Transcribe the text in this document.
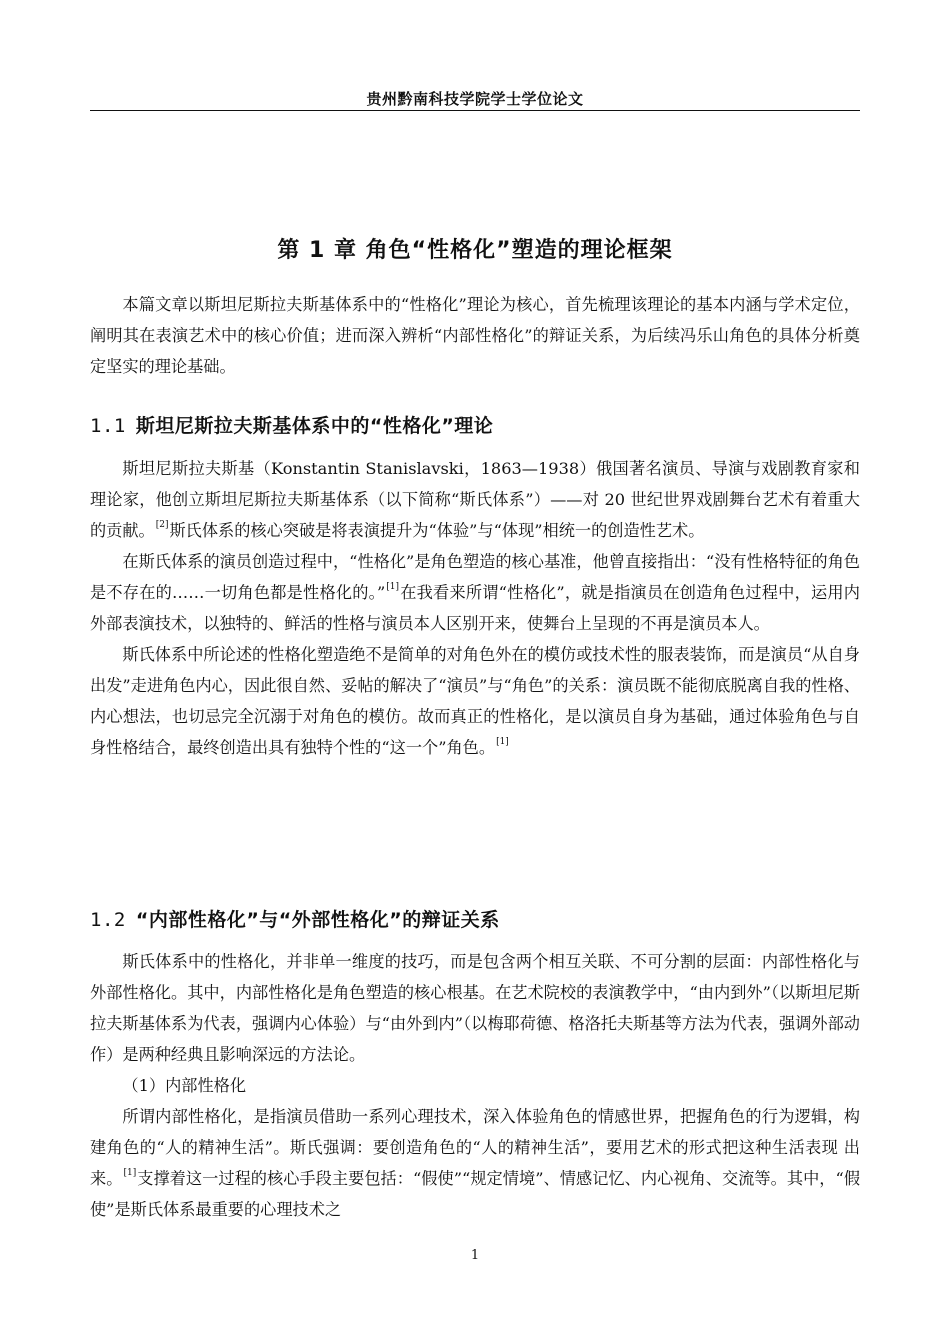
贵州黔南科技学院学士学位论文
第 1 章 角色“性格化”塑造的理论框架

本篇文章以斯坦尼斯拉夫斯基体系中的“性格化”理论为核心，首先梳理该理论的基本内涵与学术定位，阐明其在表演艺术中的核心价值；进而深入辨析“内部性格化”的辩证关系，为后续冯乐山角色的具体分析奠定坚实的理论基础。

1.1 斯坦尼斯拉夫斯基体系中的“性格化”理论

斯坦尼斯拉夫斯基（Konstantin Stanislavski，1863—1938）俄国著名演员、导演与戏剧教育家和理论家，他创立斯坦尼斯拉夫斯基体系（以下简称“斯氏体系”）——对 20 世纪世界戏剧舞台艺术有着重大的贡献。[2]斯氏体系的核心突破是将表演提升为“体验”与“体现”相统一的创造性艺术。

在斯氏体系的演员创造过程中，“性格化”是角色塑造的核心基准，他曾直接指出：“没有性格特征的角色是不存在的……一切角色都是性格化的。”[1]在我看来所谓“性格化”，就是指演员在创造角色过程中，运用内外部表演技术，以独特的、鲜活的性格与演员本人区别开来，使舞台上呈现的不再是演员本人。

斯氏体系中所论述的性格化塑造绝不是简单的对角色外在的模仿或技术性的服表装饰，而是演员“从自身出发”走进角色内心，因此很自然、妥帖的解决了“演员”与“角色”的关系：演员既不能彻底脱离自我的性格、内心想法，也切忌完全沉溺于对角色的模仿。故而真正的性格化，是以演员自身为基础，通过体验角色与自身性格结合，最终创造出具有独特个性的“这一个”角色。[1]

1.2 “内部性格化”与“外部性格化”的辩证关系

斯氏体系中的性格化，并非单一维度的技巧，而是包含两个相互关联、不可分割的层面：内部性格化与外部性格化。其中，内部性格化是角色塑造的核心根基。在艺术院校的表演教学中，“由内到外”（以斯坦尼斯拉夫斯基体系为代表，强调内心体验）与“由外到内”（以梅耶荷德、格洛托夫斯基等方法为代表，强调外部动作）是两种经典且影响深远的方法论。

（1）内部性格化

所谓内部性格化，是指演员借助一系列心理技术，深入体验角色的情感世界，把握角色的行为逻辑，构建角色的“人的精神生活”。斯氏强调：要创造角色的“人的精神生活”，要用艺术的形式把这种生活表现 出来。[1]支撑着这一过程的核心手段主要包括：“假使”“规定情境”、情感记忆、内心视角、交流等。其中，“假使”是斯氏体系最重要的心理技术之

1
